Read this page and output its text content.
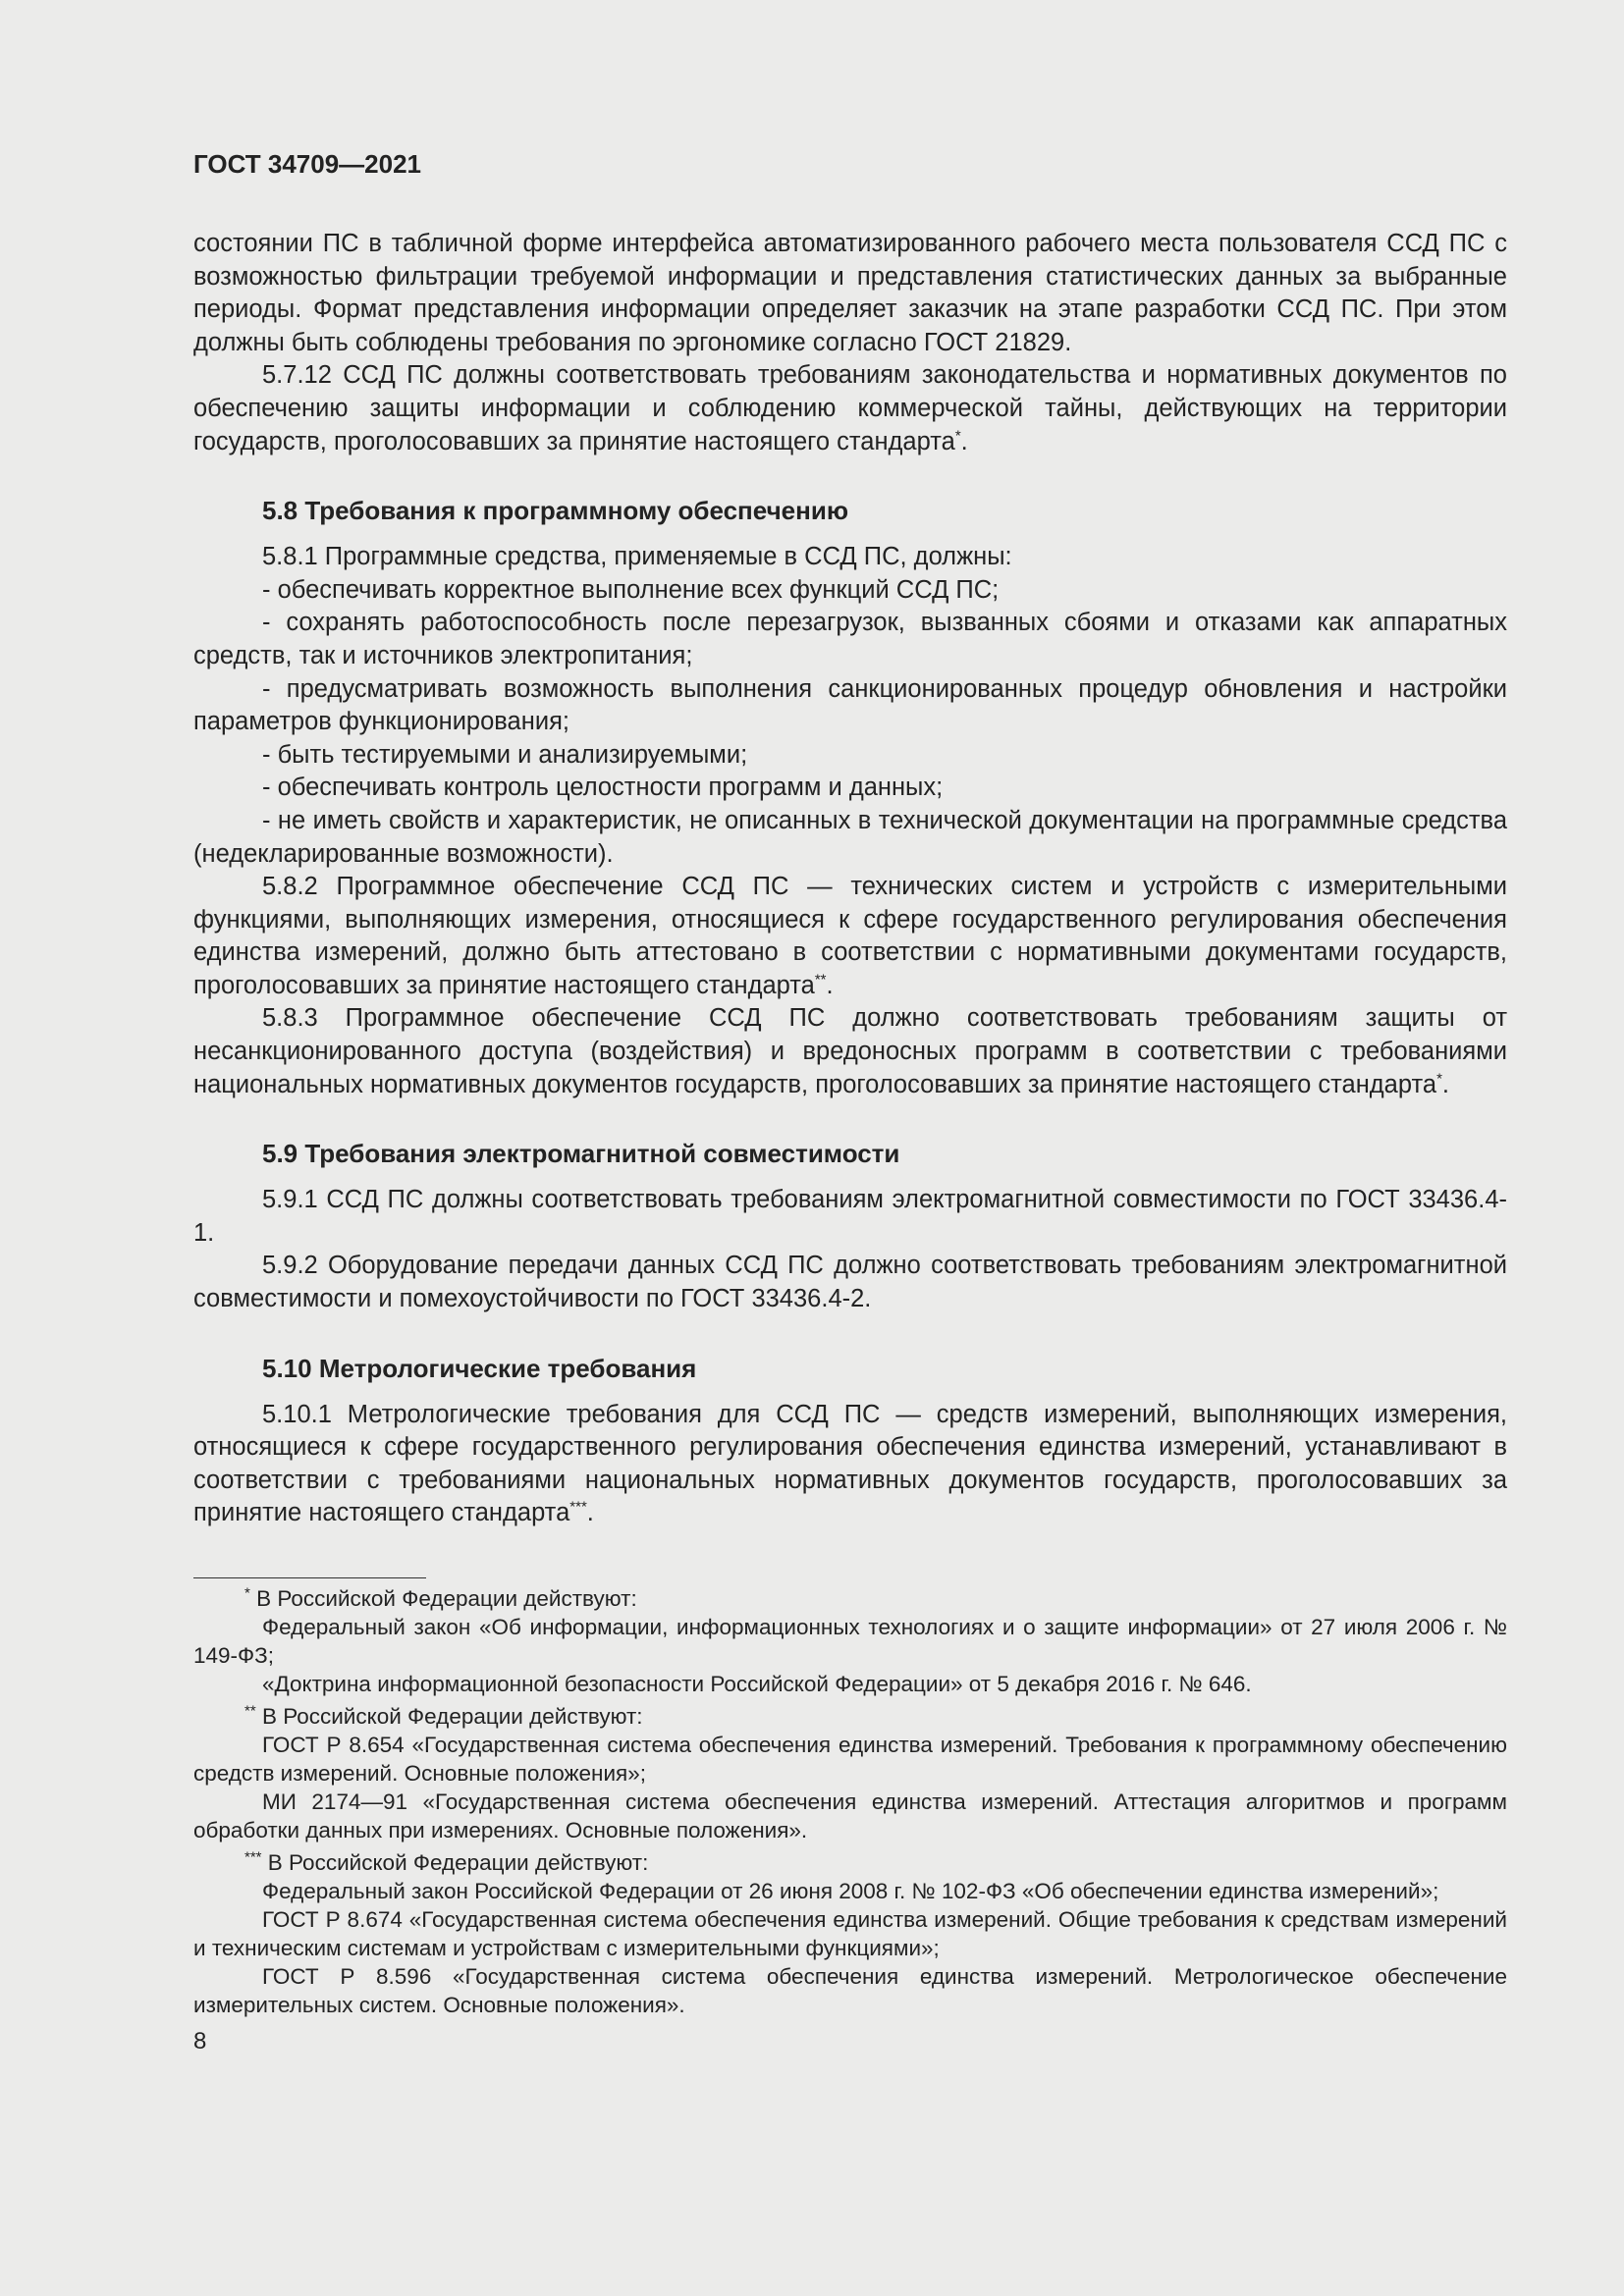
ГОСТ 34709—2021

состоянии ПС в табличной форме интерфейса автоматизированного рабочего места пользователя ССД ПС с возможностью фильтрации требуемой информации и представления статистических данных за выбранные периоды. Формат представления информации определяет заказчик на этапе разработки ССД ПС. При этом должны быть соблюдены требования по эргономике согласно ГОСТ 21829.

5.7.12 ССД ПС должны соответствовать требованиям законодательства и нормативных документов по обеспечению защиты информации и соблюдению коммерческой тайны, действующих на территории государств, проголосовавших за принятие настоящего стандарта*.

5.8 Требования к программному обеспечению

5.8.1 Программные средства, применяемые в ССД ПС, должны:

- обеспечивать корректное выполнение всех функций ССД ПС;

- сохранять работоспособность после перезагрузок, вызванных сбоями и отказами как аппаратных средств, так и источников электропитания;

- предусматривать возможность выполнения санкционированных процедур обновления и настройки параметров функционирования;

- быть тестируемыми и анализируемыми;

- обеспечивать контроль целостности программ и данных;

- не иметь свойств и характеристик, не описанных в технической документации на программные средства (недекларированные возможности).

5.8.2 Программное обеспечение ССД ПС — технических систем и устройств с измерительными функциями, выполняющих измерения, относящиеся к сфере государственного регулирования обеспечения единства измерений, должно быть аттестовано в соответствии с нормативными документами государств, проголосовавших за принятие настоящего стандарта**.

5.8.3 Программное обеспечение ССД ПС должно соответствовать требованиям защиты от несанкционированного доступа (воздействия) и вредоносных программ в соответствии с требованиями национальных нормативных документов государств, проголосовавших за принятие настоящего стандарта*.

5.9 Требования электромагнитной совместимости

5.9.1 ССД ПС должны соответствовать требованиям электромагнитной совместимости по ГОСТ 33436.4-1.

5.9.2 Оборудование передачи данных ССД ПС должно соответствовать требованиям электромагнитной совместимости и помехоустойчивости по ГОСТ 33436.4-2.

5.10 Метрологические требования

5.10.1 Метрологические требования для ССД ПС — средств измерений, выполняющих измерения, относящиеся к сфере государственного регулирования обеспечения единства измерений, устанавливают в соответствии с требованиями национальных нормативных документов государств, проголосовавших за принятие настоящего стандарта***.

* В Российской Федерации действуют:

Федеральный закон «Об информации, информационных технологиях и о защите информации» от 27 июля 2006 г. № 149-ФЗ;

«Доктрина информационной безопасности Российской Федерации» от 5 декабря 2016 г. № 646.

** В Российской Федерации действуют:

ГОСТ Р 8.654 «Государственная система обеспечения единства измерений. Требования к программному обеспечению средств измерений. Основные положения»;

МИ 2174—91 «Государственная система обеспечения единства измерений. Аттестация алгоритмов и программ обработки данных при измерениях. Основные положения».

*** В Российской Федерации действуют:

Федеральный закон Российской Федерации от 26 июня 2008 г. № 102-ФЗ «Об обеспечении единства измерений»;

ГОСТ Р 8.674 «Государственная система обеспечения единства измерений. Общие требования к средствам измерений и техническим системам и устройствам с измерительными функциями»;

ГОСТ Р 8.596 «Государственная система обеспечения единства измерений. Метрологическое обеспечение измерительных систем. Основные положения».

8
